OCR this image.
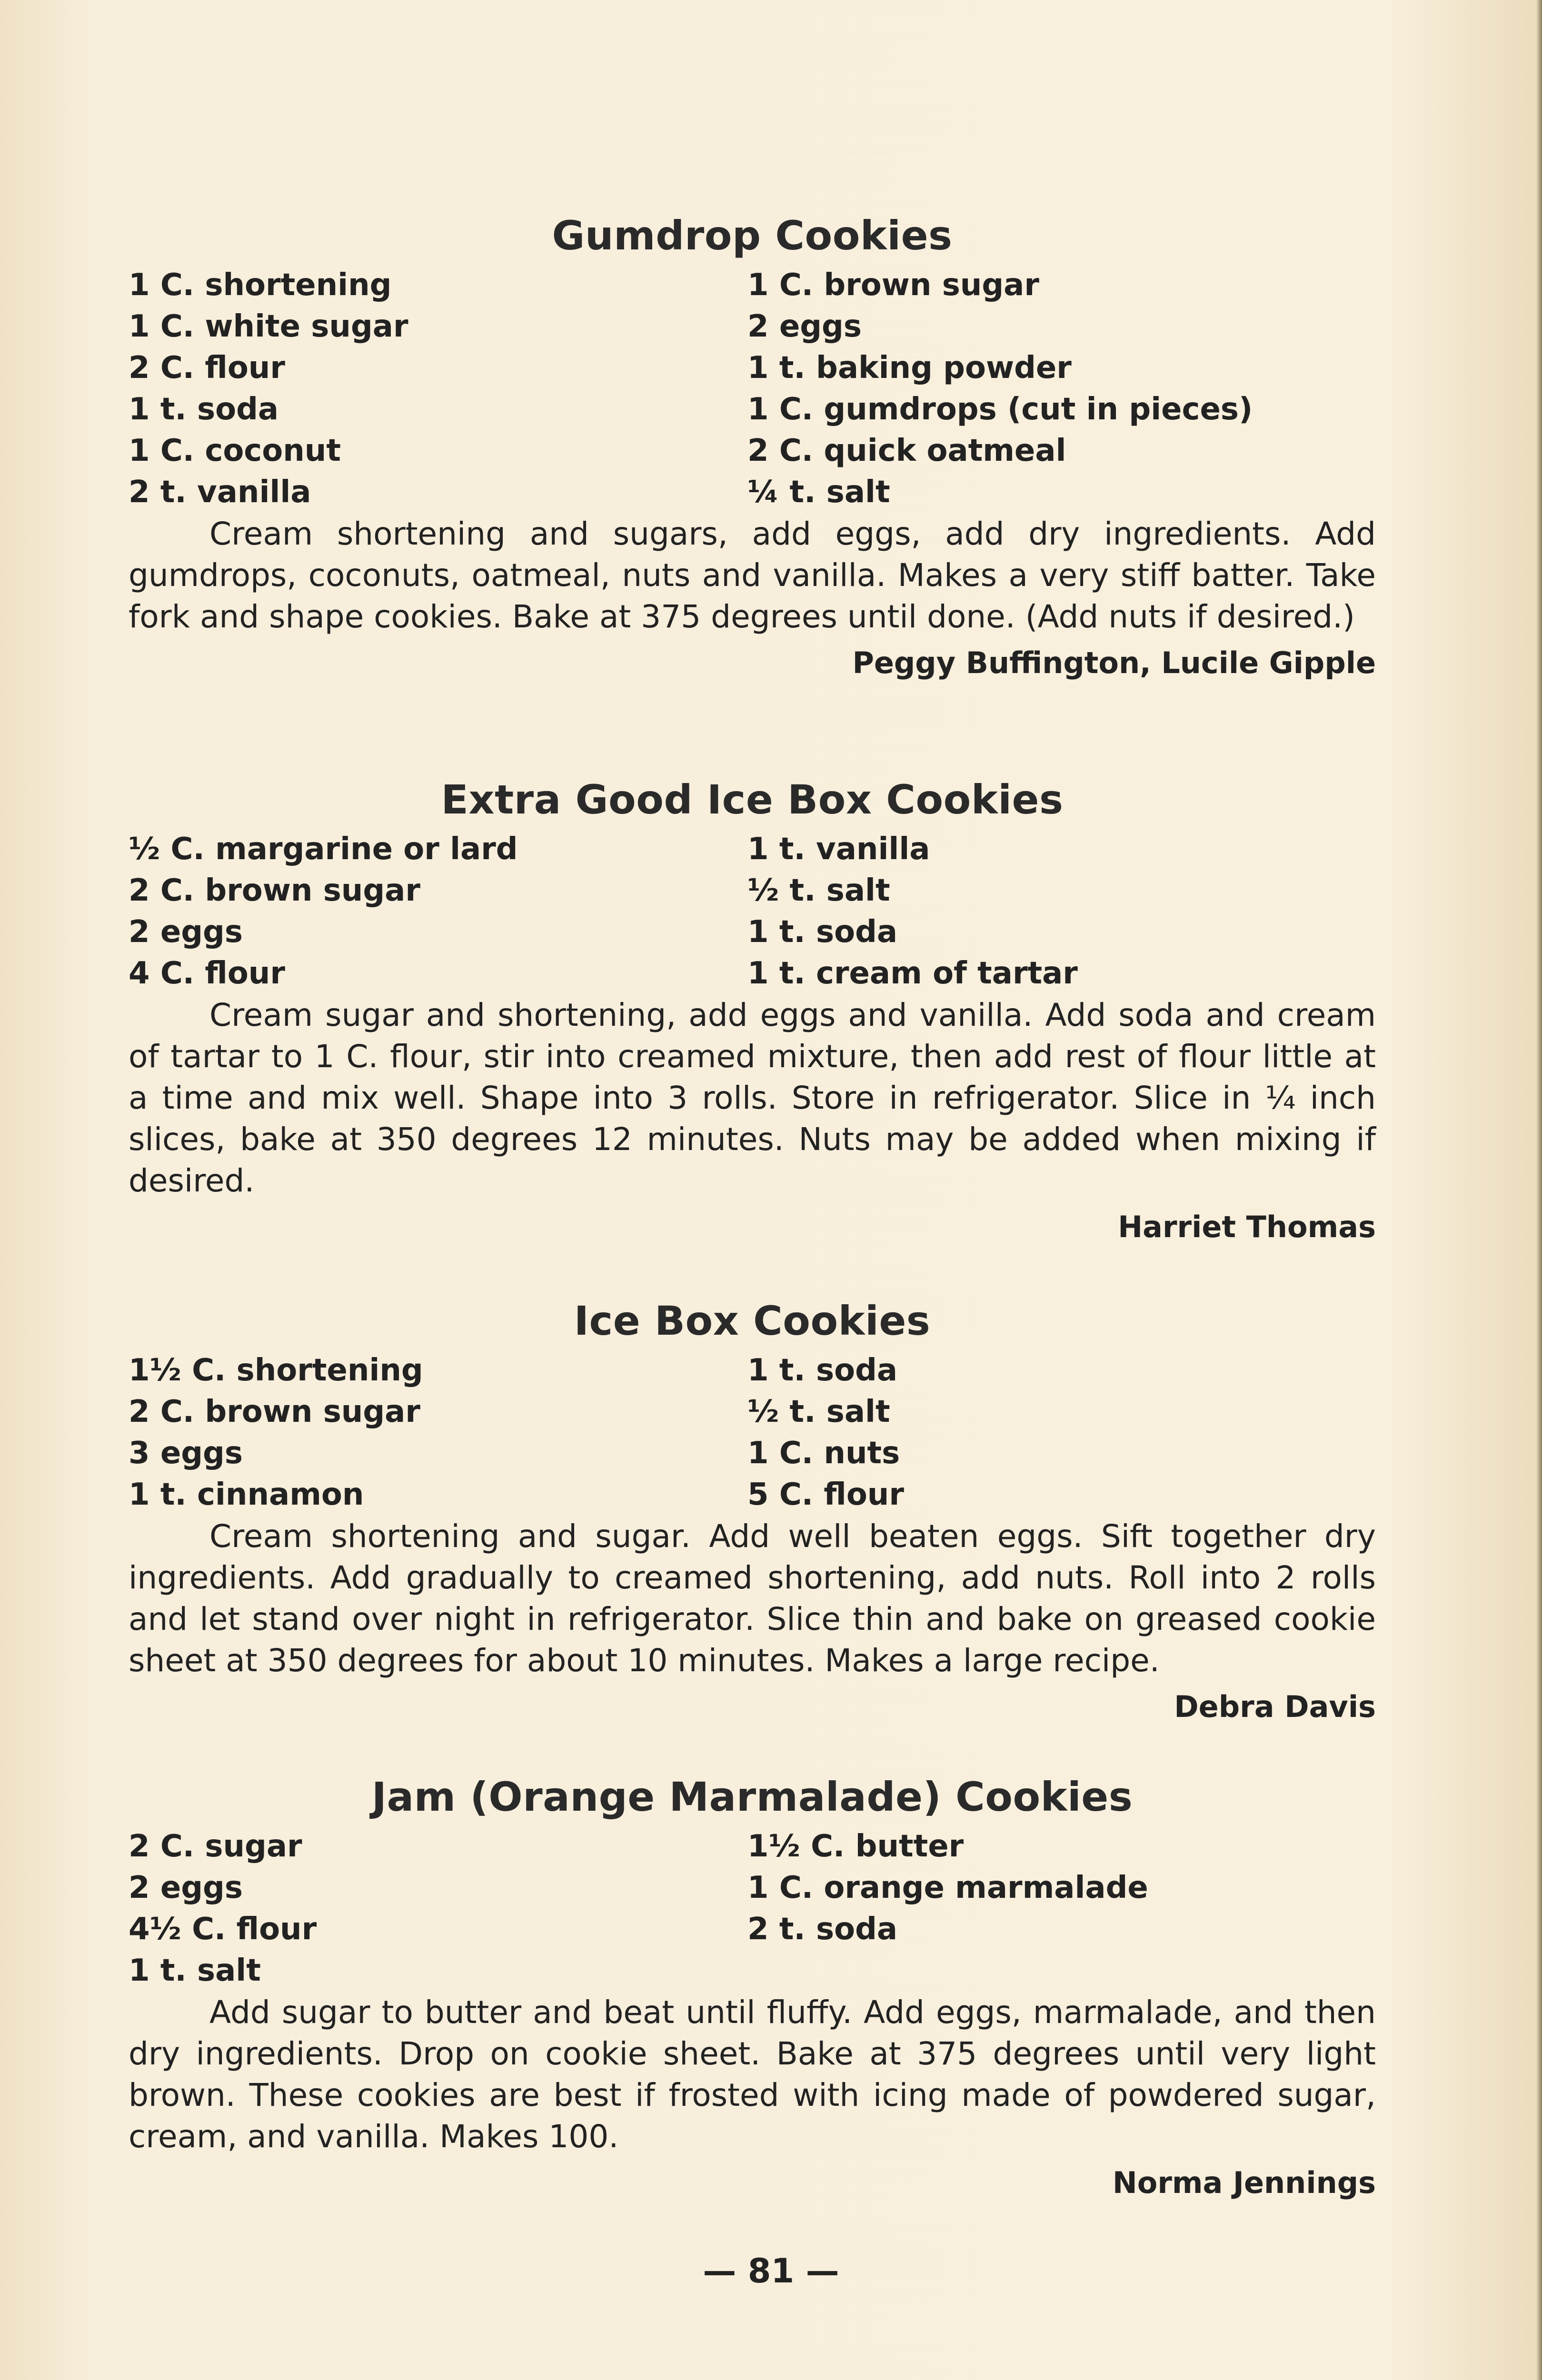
Gumdrop Cookies
1 C. shortening	1 C. brown sugar
1 C. white sugar	2 eggs
2 C. flour	1 t. baking powder
1 t. soda	1 C. gumdrops (cut in pieces)
1 C. coconut	2 C. quick oatmeal
2 t. vanilla	¼ t. salt

Cream shortening and sugars, add eggs, add dry ingredients. Add gumdrops, coconuts, oatmeal, nuts and vanilla. Makes a very stiff batter. Take fork and shape cookies. Bake at 375 degrees until done. (Add nuts if desired.)

Peggy Buffington, Lucile Gipple
Extra Good Ice Box Cookies
½ C. margarine or lard	1 t. vanilla
2 C. brown sugar	½ t. salt
2 eggs	1 t. soda
4 C. flour	1 t. cream of tartar

Cream sugar and shortening, add eggs and vanilla. Add soda and cream of tartar to 1 C. flour, stir into creamed mixture, then add rest of flour little at a time and mix well. Shape into 3 rolls. Store in refrigerator. Slice in ¼ inch slices, bake at 350 degrees 12 minutes. Nuts may be added when mixing if desired.

Harriet Thomas
Ice Box Cookies
1½ C. shortening	1 t. soda
2 C. brown sugar	½ t. salt
3 eggs	1 C. nuts
1 t. cinnamon	5 C. flour

Cream shortening and sugar. Add well beaten eggs. Sift together dry ingredients. Add gradually to creamed shortening, add nuts. Roll into 2 rolls and let stand over night in refrigerator. Slice thin and bake on greased cookie sheet at 350 degrees for about 10 minutes. Makes a large recipe.

Debra Davis
Jam (Orange Marmalade) Cookies
2 C. sugar	1½ C. butter
2 eggs	1 C. orange marmalade
4½ C. flour	2 t. soda
1 t. salt

Add sugar to butter and beat until fluffy. Add eggs, marmalade, and then dry ingredients. Drop on cookie sheet. Bake at 375 degrees until very light brown. These cookies are best if frosted with icing made of powdered sugar, cream, and vanilla. Makes 100.

Norma Jennings
— 81 —
